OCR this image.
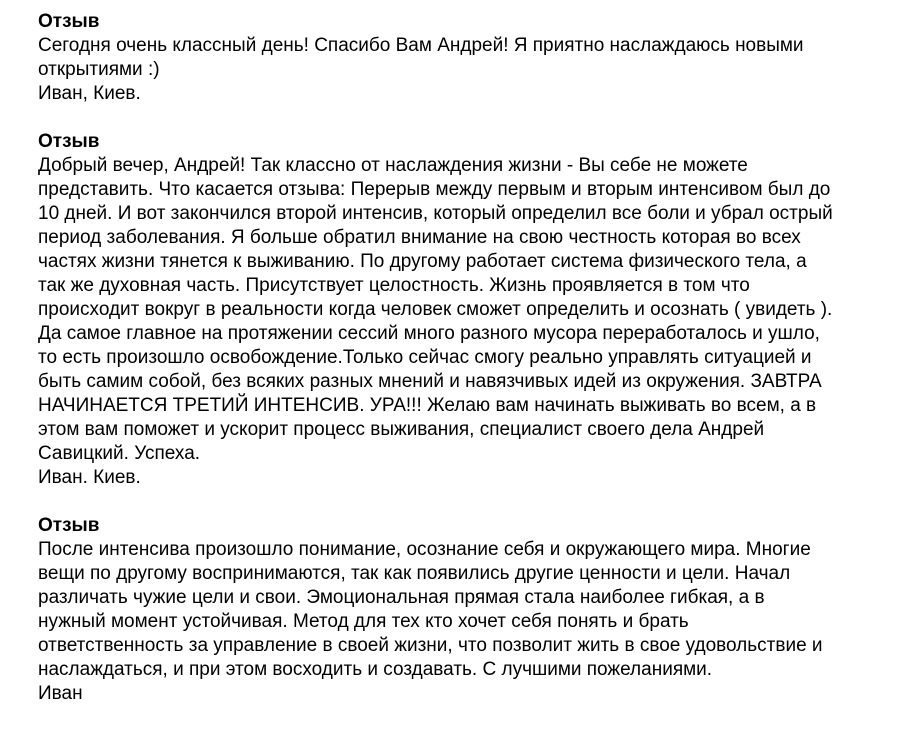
Отзыв

Сегодня очень классный день! Спасибо Вам Андрей! Я приятно наслаждаюсь новыми

открытиями :)

Иван, Киев.

Отзыв

Добрый вечер, Андрей! Так классно от наслаждения жизни - Вы себе не можете

представить. Что касается отзыва: Перерыв между первым и вторым интенсивом был до

10 дней. И вот закончился второй интенсив, который определил все боли и убрал острый

период заболевания. Я больше обратил внимание на свою честность которая во всех

частях жизни тянется к выживанию. По другому работает система физического тела, а

так же духовная часть. Присутствует целостность. Жизнь проявляется в том что

происходит вокруг в реальности когда человек сможет определить и осознать ( увидеть ).

Да самое главное на протяжении сессий много разного мусора переработалось и ушло,

то есть произошло освобождение.Только сейчас смогу реально управлять ситуацией и

быть самим собой, без всяких разных мнений и навязчивых идей из окружения. ЗАВТРА

НАЧИНАЕТСЯ ТРЕТИЙ ИНТЕНСИВ. УРА!!! Желаю вам начинать выживать во всем, а в

этом вам поможет и ускорит процесс выживания, специалист своего дела Андрей

Савицкий. Успеха.

Иван. Киев.

Отзыв

После интенсива произошло понимание, осознание себя и окружающего мира. Многие

вещи по другому воспринимаются, так как появились другие ценности и цели. Начал

различать чужие цели и свои. Эмоциональная прямая стала наиболее гибкая, а в

нужный момент устойчивая. Метод для тех кто хочет себя понять и брать

ответственность за управление в своей жизни, что позволит жить в свое удовольствие и

наслаждаться, и при этом восходить и создавать. С лучшими пожеланиями.

Иван
